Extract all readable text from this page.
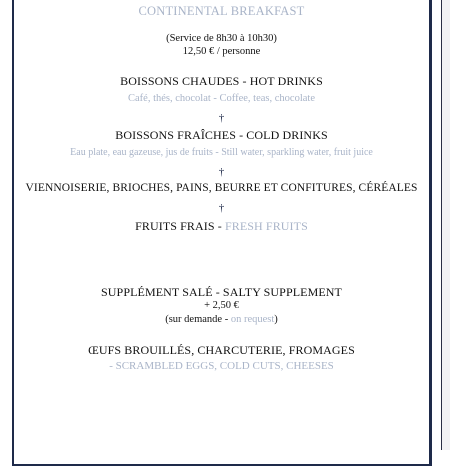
CONTINENTAL BREAKFAST
(Service de 8h30 à 10h30)
12,50 € / personne
BOISSONS CHAUDES - HOT DRINKS
Café, thés, chocolat - Coffee, teas, chocolate
†
BOISSONS FRAÎCHES - COLD DRINKS
Eau plate, eau gazeuse, jus de fruits - Still water, sparkling water, fruit juice
†
VIENNOISERIE, BRIOCHES, PAINS, BEURRE ET CONFITURES, CÉRÉALES
†
FRUITS FRAIS - FRESH FRUITS
SUPPLÉMENT SALÉ - SALTY SUPPLEMENT
+ 2,50 €
(sur demande - on request)
ŒUFS BROUILLÉS, CHARCUTERIE, FROMAGES
- SCRAMBLED EGGS, COLD CUTS, CHEESES
